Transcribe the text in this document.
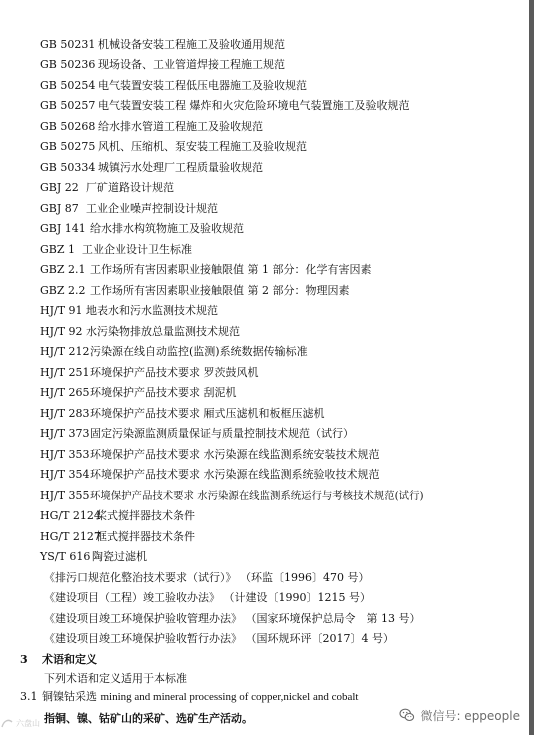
GB 50231 机械设备安装工程施工及验收通用规范
GB 50236 现场设备、工业管道焊接工程施工规范
GB 50254 电气装置安装工程低压电器施工及验收规范
GB 50257 电气装置安装工程 爆炸和火灾危险环境电气装置施工及验收规范
GB 50268 给水排水管道工程施工及验收规范
GB 50275 风机、压缩机、泵安装工程施工及验收规范
GB 50334 城镇污水处理厂工程质量验收规范
GBJ 22 厂矿道路设计规范
GBJ 87 工业企业噪声控制设计规范
GBJ 141 给水排水构筑物施工及验收规范
GBZ 1 工业企业设计卫生标准
GBZ 2.1 工作场所有害因素职业接触限值 第 1 部分：化学有害因素
GBZ 2.2 工作场所有害因素职业接触限值 第 2 部分：物理因素
HJ/T 91 地表水和污水监测技术规范
HJ/T 92 水污染物排放总量监测技术规范
HJ/T 212污染源在线自动监控(监测)系统数据传输标准
HJ/T 251环境保护产品技术要求 罗茨鼓风机
HJ/T 265环境保护产品技术要求 刮泥机
HJ/T 283环境保护产品技术要求 厢式压滤机和板框压滤机
HJ/T 373固定污染源监测质量保证与质量控制技术规范（试行）
HJ/T 353环境保护产品技术要求 水污染源在线监测系统安装技术规范
HJ/T 354环境保护产品技术要求 水污染源在线监测系统验收技术规范
HJ/T 355环境保护产品技术要求 水污染源在线监测系统运行与考核技术规范(试行)
HG/T 2124桨式搅拌器技术条件
HG/T 2127框式搅拌器技术条件
YS/T 616 陶瓷过滤机
《排污口规范化整治技术要求（试行）》 （环监〔1996〕470 号）
《建设项目（工程）竣工验收办法》 （计建设〔1990〕1215 号）
《建设项目竣工环境保护验收管理办法》 （国家环境保护总局令　第 13 号）
《建设项目竣工环境保护验收暂行办法》 （国环规环评〔2017〕4 号）
3 术语和定义
下列术语和定义适用于本标准
3.1 铜镍钴采选 mining and mineral processing of copper,nickel and cobalt
指铜、镍、钴矿山的采矿、选矿生产活动。
六盘山
微信号: eppeople
